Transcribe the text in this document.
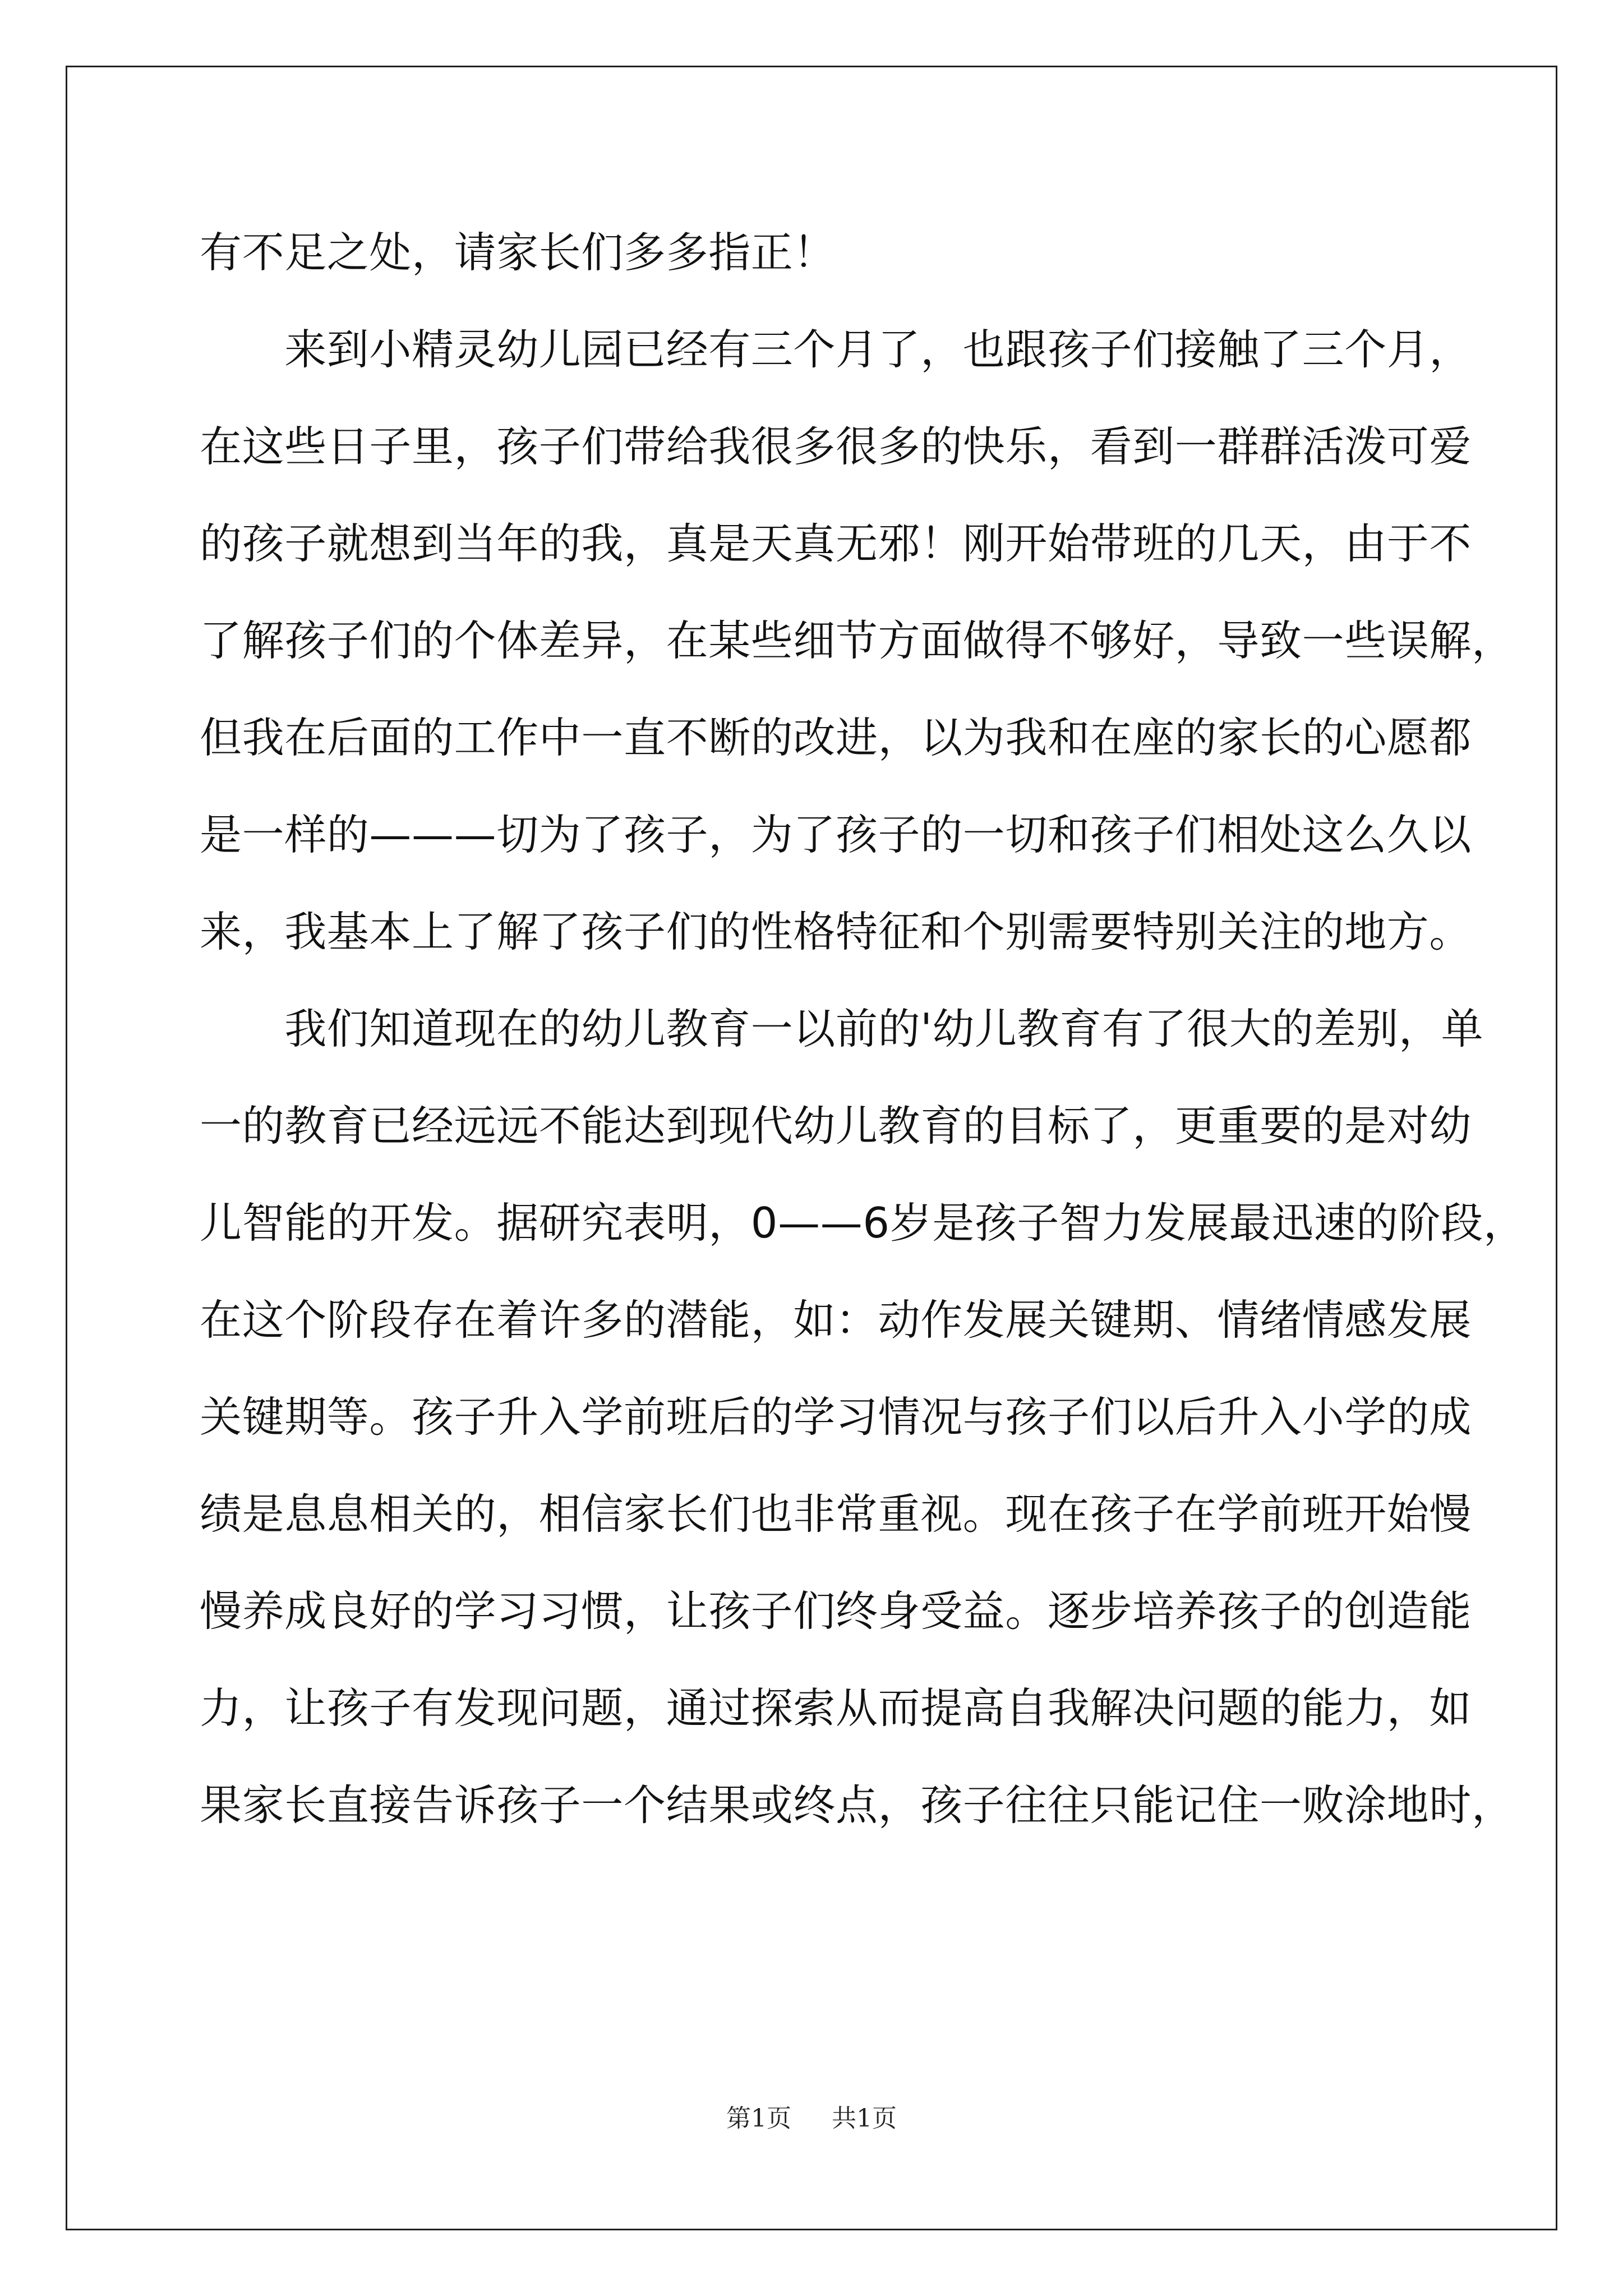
有不足之处，请家长们多多指正！
　　来到小精灵幼儿园已经有三个月了，也跟孩子们接触了三个月，
在这些日子里，孩子们带给我很多很多的快乐，看到一群群活泼可爱
的孩子就想到当年的我，真是天真无邪！刚开始带班的几天，由于不
了解孩子们的个体差异，在某些细节方面做得不够好，导致一些误解，
但我在后面的工作中一直不断的改进，以为我和在座的家长的心愿都
是一样的———切为了孩子，为了孩子的一切和孩子们相处这么久以
来，我基本上了解了孩子们的性格特征和个别需要特别关注的地方。
　　我们知道现在的幼儿教育一以前的'幼儿教育有了很大的差别，单
一的教育已经远远不能达到现代幼儿教育的目标了，更重要的是对幼
儿智能的开发。据研究表明，0——6岁是孩子智力发展最迅速的阶段，
在这个阶段存在着许多的潜能，如：动作发展关键期、情绪情感发展
关键期等。孩子升入学前班后的学习情况与孩子们以后升入小学的成
绩是息息相关的，相信家长们也非常重视。现在孩子在学前班开始慢
慢养成良好的学习习惯，让孩子们终身受益。逐步培养孩子的创造能
力，让孩子有发现问题，通过探索从而提高自我解决问题的能力，如
果家长直接告诉孩子一个结果或终点，孩子往往只能记住一败涂地时，
第1页 共1页
